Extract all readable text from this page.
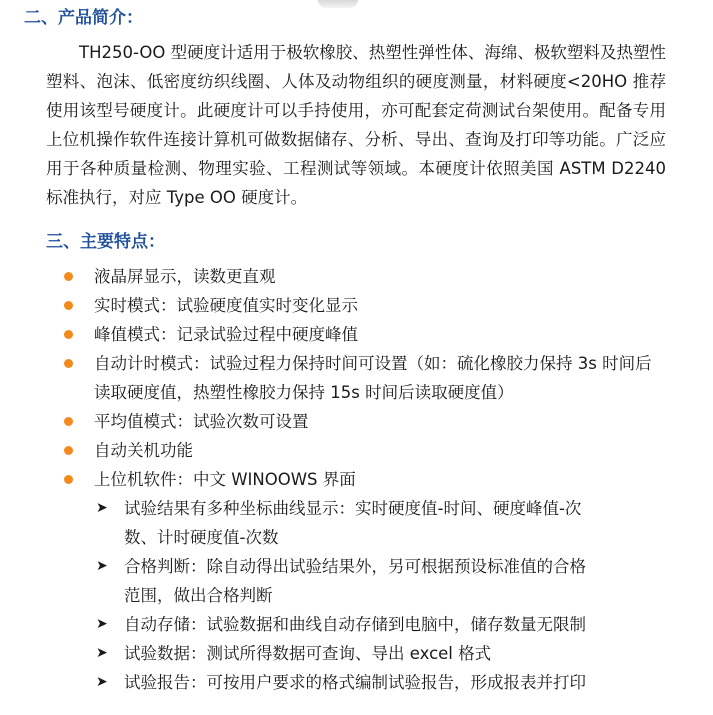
二、产品简介：

TH250-OO 型硬度计适用于极软橡胶、热塑性弹性体、海绵、极软塑料及热塑性塑料、泡沫、低密度纺织线圈、人体及动物组织的硬度测量，材料硬度<20HO 推荐使用该型号硬度计。此硬度计可以手持使用，亦可配套定荷测试台架使用。配备专用上位机操作软件连接计算机可做数据储存、分析、导出、查询及打印等功能。广泛应用于各种质量检测、物理实验、工程测试等领域。本硬度计依照美国 ASTM D2240 标准执行，对应 Type OO 硬度计。

三、主要特点：
液晶屏显示，读数更直观
实时模式：试验硬度值实时变化显示
峰值模式：记录试验过程中硬度峰值
自动计时模式：试验过程力保持时间可设置（如：硫化橡胶力保持 3s 时间后读取硬度值，热塑性橡胶力保持 15s 时间后读取硬度值）
平均值模式：试验次数可设置
自动关机功能
上位机软件：中文 WINOOWS 界面
➤ 试验结果有多种坐标曲线显示：实时硬度值-时间、硬度峰值-次数、计时硬度值-次数
➤ 合格判断：除自动得出试验结果外，另可根据预设标准值的合格范围，做出合格判断
➤ 自动存储：试验数据和曲线自动存储到电脑中，储存数量无限制
➤ 试验数据：测试所得数据可查询、导出 excel 格式
➤ 试验报告：可按用户要求的格式编制试验报告，形成报表并打印
